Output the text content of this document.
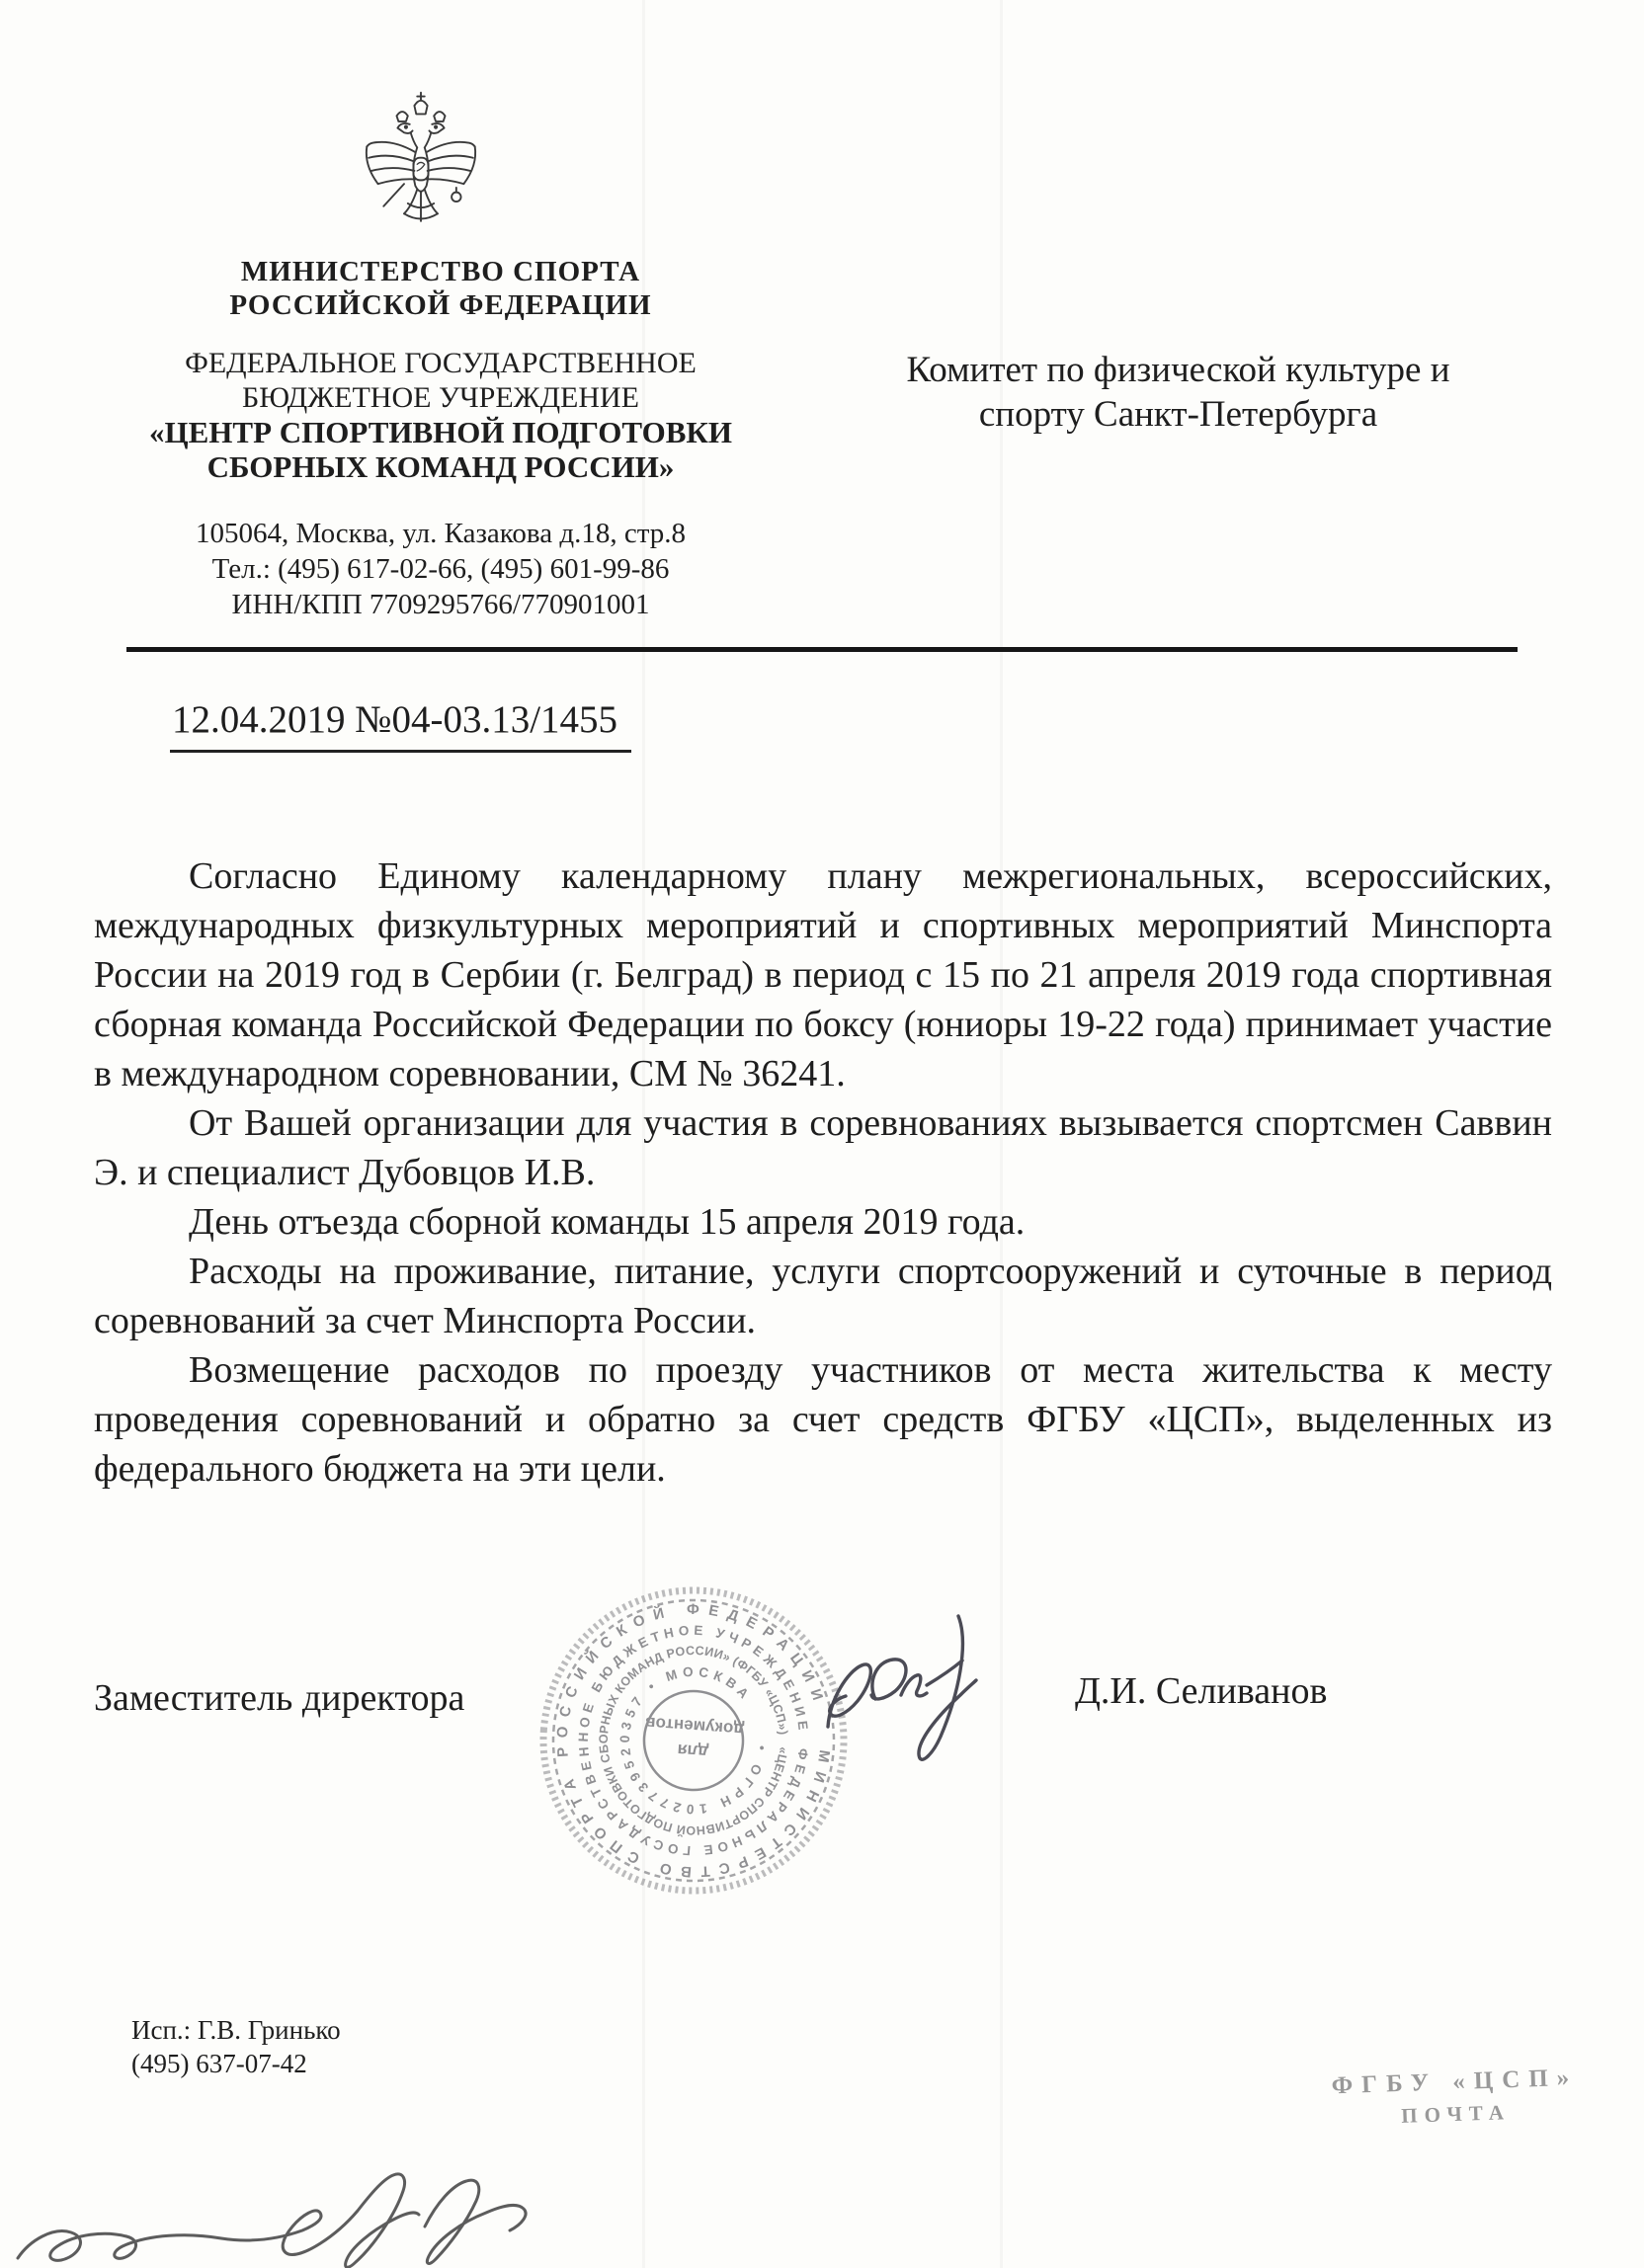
МИНИСТЕРСТВО СПОРТА
РОССИЙСКОЙ ФЕДЕРАЦИИ
ФЕДЕРАЛЬНОЕ ГОСУДАРСТВЕННОЕ
БЮДЖЕТНОЕ УЧРЕЖДЕНИЕ
«ЦЕНТР СПОРТИВНОЙ ПОДГОТОВКИ
СБОРНЫХ КОМАНД РОССИИ»
105064, Москва, ул. Казакова д.18, стр.8
Тел.: (495) 617-02-66, (495) 601-99-86
ИНН/КПП 7709295766/770901001
Комитет по физической культуре и
спорту Санкт-Петербурга
12.04.2019 №04-03.13/1455

Согласно Единому календарному плану межрегиональных, всероссийских, международных физкультурных мероприятий и спортивных мероприятий Минспорта России на 2019 год в Сербии (г. Белград) в период с 15 по 21 апреля 2019 года спортивная сборная команда Российской Федерации по боксу (юниоры 19-22 года) принимает участие в международном соревновании, СМ № 36241.

От Вашей организации для участия в соревнованиях вызывается спортсмен Саввин Э. и специалист Дубовцов И.В.

День отъезда сборной команды 15 апреля 2019 года.

Расходы на проживание, питание, услуги спортсооружений и суточные в период соревнований за счет Минспорта России.

Возмещение расходов по проезду участников от места жительства к месту проведения соревнований и обратно за счет средств ФГБУ «ЦСП», выделенных из федерального бюджета на эти цели.

Заместитель директора	Д.И. Селиванов
МИНИСТЕРСТВО СПОРТА РОССИЙСКОЙ ФЕДЕРАЦИИ
ФЕДЕРАЛЬНОЕ ГОСУДАРСТВЕННОЕ БЮДЖЕТНОЕ УЧРЕЖДЕНИЕ
«ЦЕНТР СПОРТИВНОЙ ПОДГОТОВКИ СБОРНЫХ КОМАНД РОССИИ» (ФГБУ «ЦСП»)
• ОГРН 1027739520357 • МОСКВА
для
документов
Исп.: Г.В. Гринько
(495) 637-07-42
ФГБУ «ЦСП»
ПОЧТА
